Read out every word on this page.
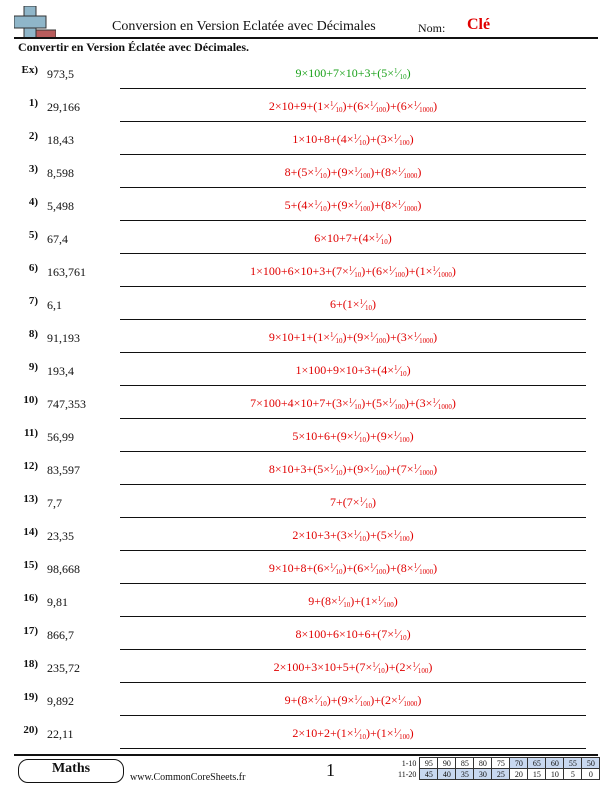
Conversion en Version Eclatée avec Décimales	Nom: Clé
Convertir en Version Éclatée avec Décimales.
Ex) 973,5	$9\times 100+7\times 10+3+(5\times^1⁄_{10})$
1) 29,166	$2\times 10+9+(1\times^1⁄_{10})+(6\times^1⁄_{100})+(6\times^1⁄_{1000})$
2) 18,43	$1\times 10+8+(4\times^1⁄_{10})+(3\times^1⁄_{100})$
3) 8,598	$8+(5\times^1⁄_{10})+(9\times^1⁄_{100})+(8\times^1⁄_{1000})$
4) 5,498	$5+(4\times^1⁄_{10})+(9\times^1⁄_{100})+(8\times^1⁄_{1000})$
5) 67,4	$6\times 10+7+(4\times^1⁄_{10})$
6) 163,761	$1\times 100+6\times 10+3+(7\times^1⁄_{10})+(6\times^1⁄_{100})+(1\times^1⁄_{1000})$
7) 6,1	$6+(1\times^1⁄_{10})$
8) 91,193	$9\times 10+1+(1\times^1⁄_{10})+(9\times^1⁄_{100})+(3\times^1⁄_{1000})$
9) 193,4	$1\times 100+9\times 10+3+(4\times^1⁄_{10})$
10) 747,353	$7\times 100+4\times 10+7+(3\times^1⁄_{10})+(5\times^1⁄_{100})+(3\times^1⁄_{1000})$
11) 56,99	$5\times 10+6+(9\times^1⁄_{10})+(9\times^1⁄_{100})$
12) 83,597	$8\times 10+3+(5\times^1⁄_{10})+(9\times^1⁄_{100})+(7\times^1⁄_{1000})$
13) 7,7	$7+(7\times^1⁄_{10})$
14) 23,35	$2\times 10+3+(3\times^1⁄_{10})+(5\times^1⁄_{100})$
15) 98,668	$9\times 10+8+(6\times^1⁄_{10})+(6\times^1⁄_{100})+(8\times^1⁄_{1000})$
16) 9,81	$9+(8\times^1⁄_{10})+(1\times^1⁄_{100})$
17) 866,7	$8\times 100+6\times 10+6+(7\times^1⁄_{10})$
18) 235,72	$2\times 100+3\times 10+5+(7\times^1⁄_{10})+(2\times^1⁄_{100})$
19) 9,892	$9+(8\times^1⁄_{10})+(9\times^1⁄_{100})+(2\times^1⁄_{1000})$
20) 22,11	$2\times 10+2+(1\times^1⁄_{10})+(1\times^1⁄_{100})$
Maths
www.CommonCoreSheets.fr	1	1-10	95	90	85	80	75	70	65	60	55	50
11-20	45	40	35	30	25	20	15	10	5	0
